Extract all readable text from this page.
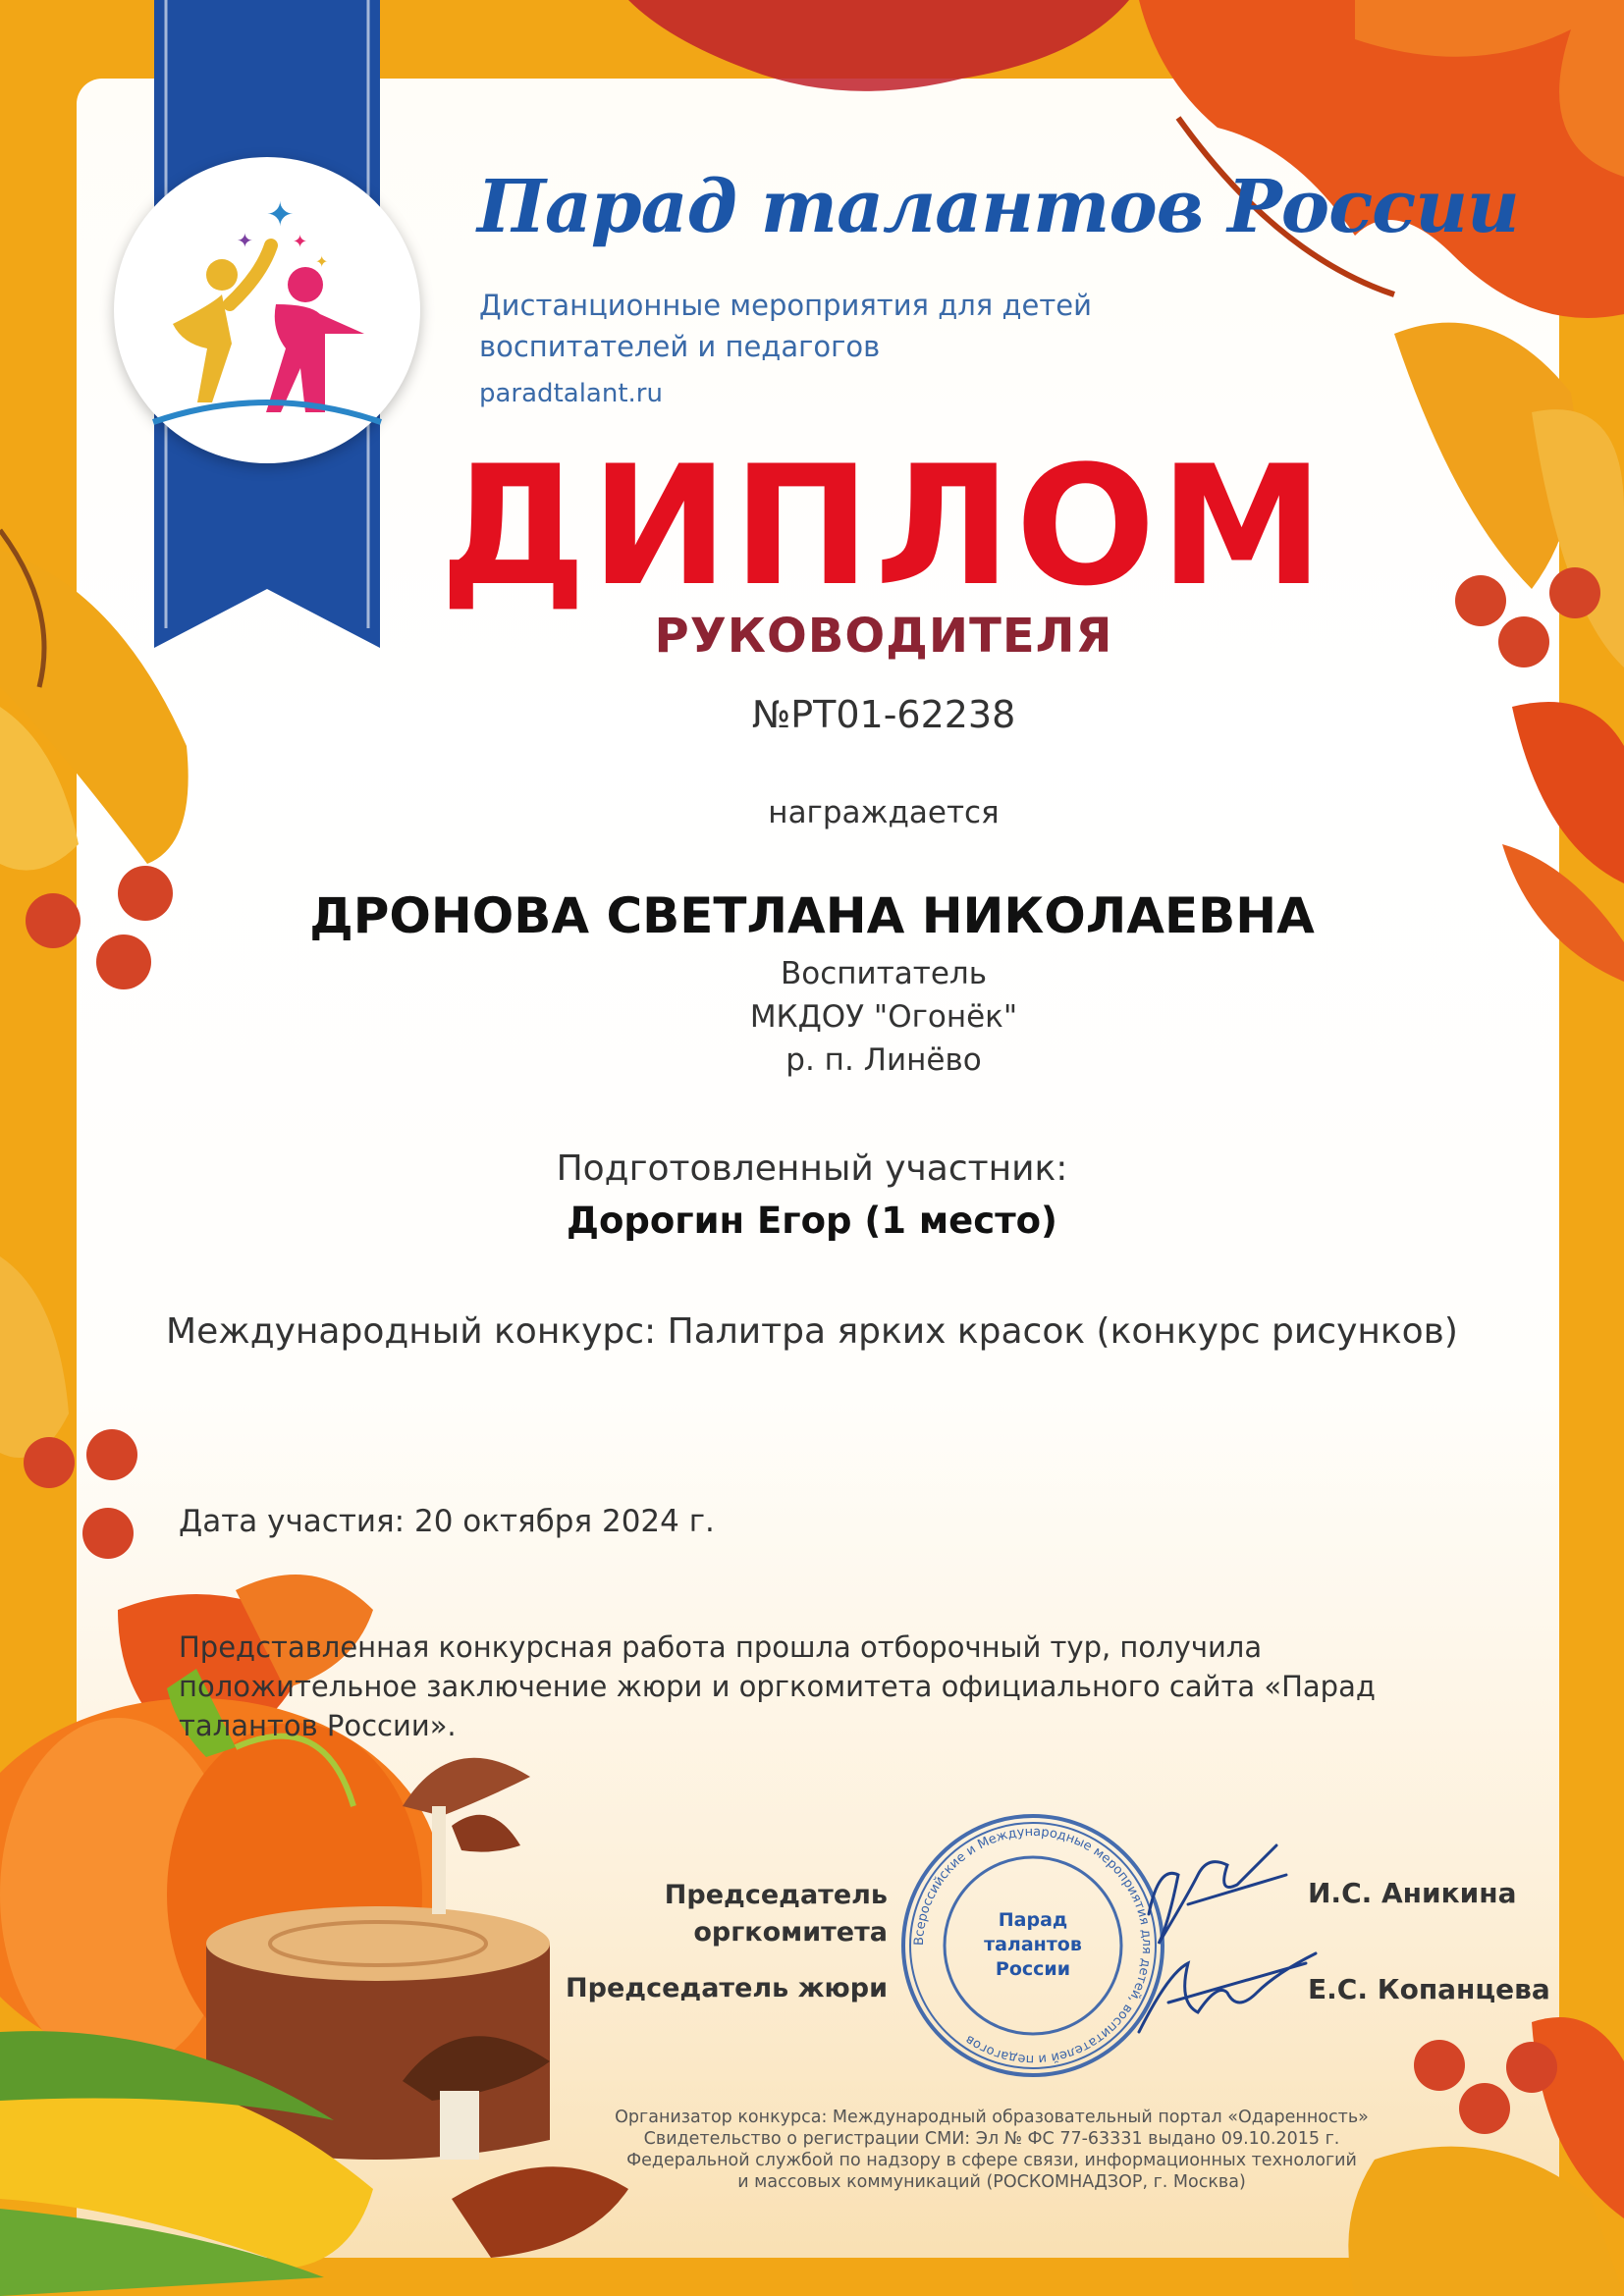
✦
✦ ✦
✦
Парад талантов России
Дистанционные мероприятия для детей
воспитателей и педагогов
paradtalant.ru
ДИПЛОМ
РУКОВОДИТЕЛЯ
№PT01-62238
награждается
ДРОНОВА СВЕТЛАНА НИКОЛАЕВНА
Воспитатель
МКДОУ "Огонёк"
р. п. Линёво
Подготовленный участник:
Дорогин Егор (1 место)
Международный конкурс: Палитра ярких красок (конкурс рисунков)
Дата участия: 20 октября 2024 г.
Представленная конкурсная работа прошла отборочный тур, получила положительное заключение жюри и оргкомитета официального сайта «Парад талантов России».
Председатель
оргкомитета
Председатель жюри
И.С. Аникина
Е.С. Копанцева
Всероссийские и Международные мероприятия для детей, воспитателей и педагогов
Парад
талантов
России
Организатор конкурса: Международный образовательный портал «Одаренность»
Свидетельство о регистрации СМИ: Эл № ФС 77-63331 выдано 09.10.2015 г.
Федеральной службой по надзору в сфере связи, информационных технологий
и массовых коммуникаций (РОСКОМНАДЗОР, г. Москва)
